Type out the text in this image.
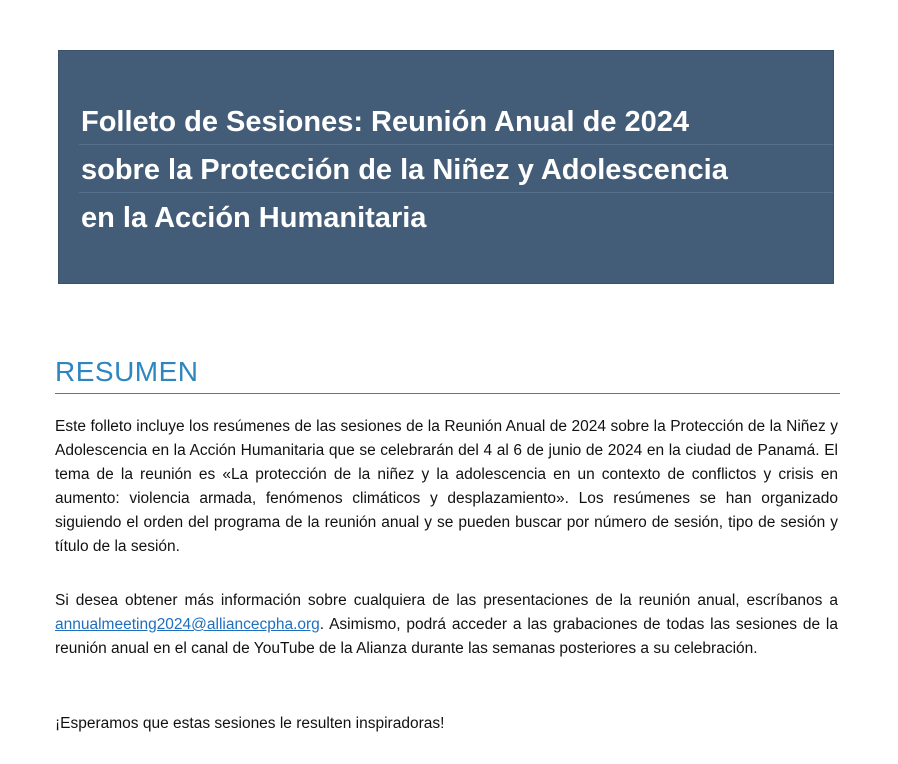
Folleto de Sesiones: Reunión Anual de 2024
sobre la Protección de la Niñez y Adolescencia
en la Acción Humanitaria
RESUMEN

Este folleto incluye los resúmenes de las sesiones de la Reunión Anual de 2024 sobre la Protección de la Niñez y Adolescencia en la Acción Humanitaria que se celebrarán del 4 al 6 de junio de 2024 en la ciudad de Panamá. El tema de la reunión es «La protección de la niñez y la adolescencia en un contexto de conflictos y crisis en aumento: violencia armada, fenómenos climáticos y desplazamiento». Los resúmenes se han organizado siguiendo el orden del programa de la reunión anual y se pueden buscar por número de sesión, tipo de sesión y título de la sesión.

Si desea obtener más información sobre cualquiera de las presentaciones de la reunión anual, escríbanos a annualmeeting2024@alliancecpha.org. Asimismo, podrá acceder a las grabaciones de todas las sesiones de la reunión anual en el canal de YouTube de la Alianza durante las semanas posteriores a su celebración.

¡Esperamos que estas sesiones le resulten inspiradoras!
